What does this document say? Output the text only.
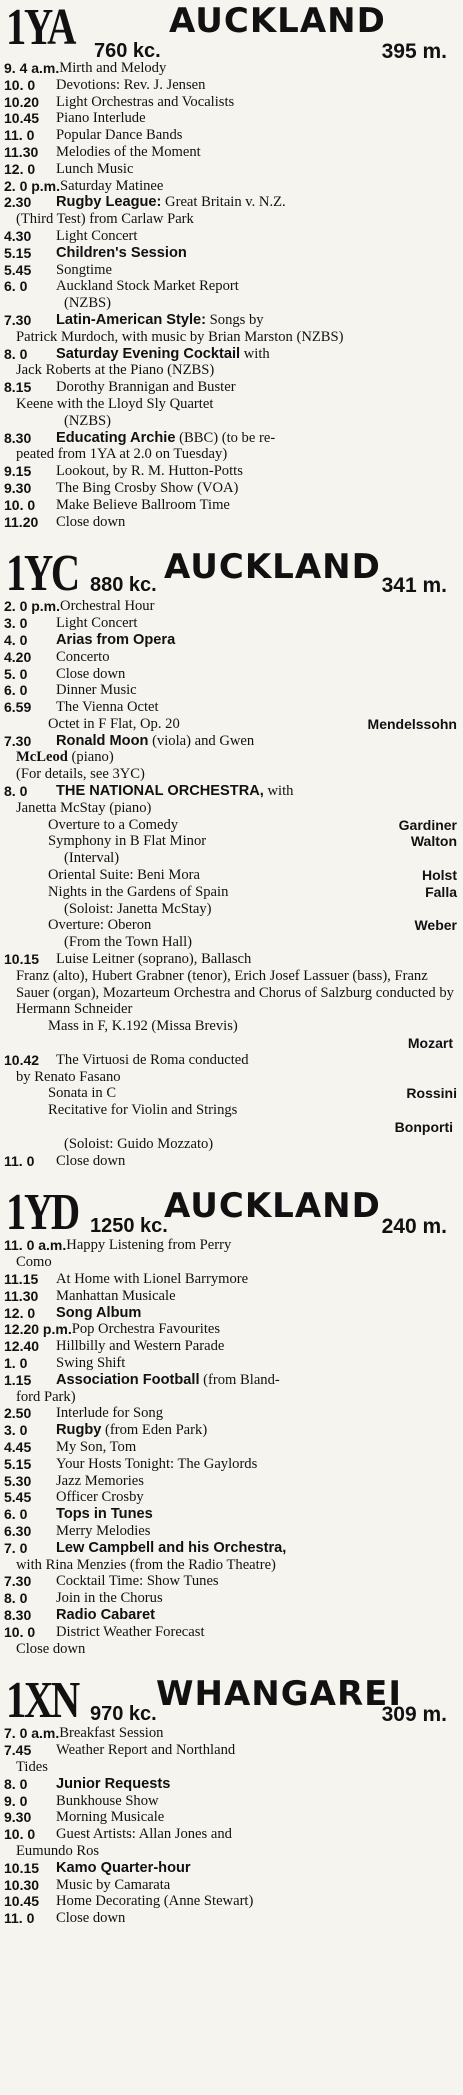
1YA	AUCKLAND
760 kc.	395 m.
9. 4 a.m. Mirth and Melody
10. 0	Devotions: Rev. J. Jensen
10.20	Light Orchestras and Vocalists
10.45	Piano Interlude
11. 0	Popular Dance Bands
11.30	Melodies of the Moment
12. 0	Lunch Music
2. 0 p.m. Saturday Matinee
2.30	Rugby League: Great Britain v. N.Z.
(Third Test) from Carlaw Park
4.30	Light Concert
5.15	Children's Session
5.45	Songtime
6. 0	Auckland Stock Market Report
(NZBS)
7.30	Latin-American Style: Songs by
Patrick Murdoch, with music by Brian Marston (NZBS)
8. 0	Saturday Evening Cocktail with
Jack Roberts at the Piano (NZBS)
8.15	Dorothy Brannigan and Buster
Keene with the Lloyd Sly Quartet
(NZBS)
8.30	Educating Archie (BBC) (to be re-
peated from 1YA at 2.0 on Tuesday)
9.15	Lookout, by R. M. Hutton-Potts
9.30	The Bing Crosby Show (VOA)
10. 0	Make Believe Ballroom Time
11.20	Close down
1YC	AUCKLAND
880 kc.	341 m.
2. 0 p.m. Orchestral Hour
3. 0	Light Concert
4. 0	Arias from Opera
4.20	Concerto
5. 0	Close down
6. 0	Dinner Music
6.59	The Vienna Octet
Octet in F Flat, Op. 20	Mendelssohn
7.30	Ronald Moon (viola) and Gwen
McLeod (piano)
(For details, see 3YC)
8. 0	THE NATIONAL ORCHESTRA, with
Janetta McStay (piano)
Overture to a Comedy	Gardiner
Symphony in B Flat Minor	Walton
(Interval)
Oriental Suite: Beni Mora	Holst
Nights in the Gardens of Spain	Falla
(Soloist: Janetta McStay)
Overture: Oberon	Weber
(From the Town Hall)
10.15	Luise Leitner (soprano), Ballasch
Franz (alto), Hubert Grabner (tenor), Erich Josef Lassuer (bass), Franz Sauer (organ), Mozarteum Orchestra and Chorus of Salzburg conducted by Hermann Schneider
Mass in F, K.192 (Missa Brevis)
Mozart
10.42	The Virtuosi de Roma conducted
by Renato Fasano
Sonata in C	Rossini
Recitative for Violin and Strings
Bonporti
(Soloist: Guido Mozzato)
11. 0	Close down
1YD	AUCKLAND
1250 kc.	240 m.
11. 0 a.m. Happy Listening from Perry
Como
11.15	At Home with Lionel Barrymore
11.30	Manhattan Musicale
12. 0	Song Album
12.20 p.m. Pop Orchestra Favourites
12.40	Hillbilly and Western Parade
1. 0	Swing Shift
1.15	Association Football (from Bland-
ford Park)
2.50	Interlude for Song
3. 0	Rugby (from Eden Park)
4.45	My Son, Tom
5.15	Your Hosts Tonight: The Gaylords
5.30	Jazz Memories
5.45	Officer Crosby
6. 0	Tops in Tunes
6.30	Merry Melodies
7. 0	Lew Campbell and his Orchestra,
with Rina Menzies (from the Radio Theatre)
7.30	Cocktail Time: Show Tunes
8. 0	Join in the Chorus
8.30	Radio Cabaret
10. 0	District Weather Forecast
Close down
1XN WHANGAREI
970 kc.	309 m.
7. 0 a.m. Breakfast Session
7.45	Weather Report and Northland
Tides
8. 0	Junior Requests
9. 0	Bunkhouse Show
9.30	Morning Musicale
10. 0	Guest Artists: Allan Jones and
Eumundo Ros
10.15	Kamo Quarter-hour
10.30	Music by Camarata
10.45	Home Decorating (Anne Stewart)
11. 0	Close down
